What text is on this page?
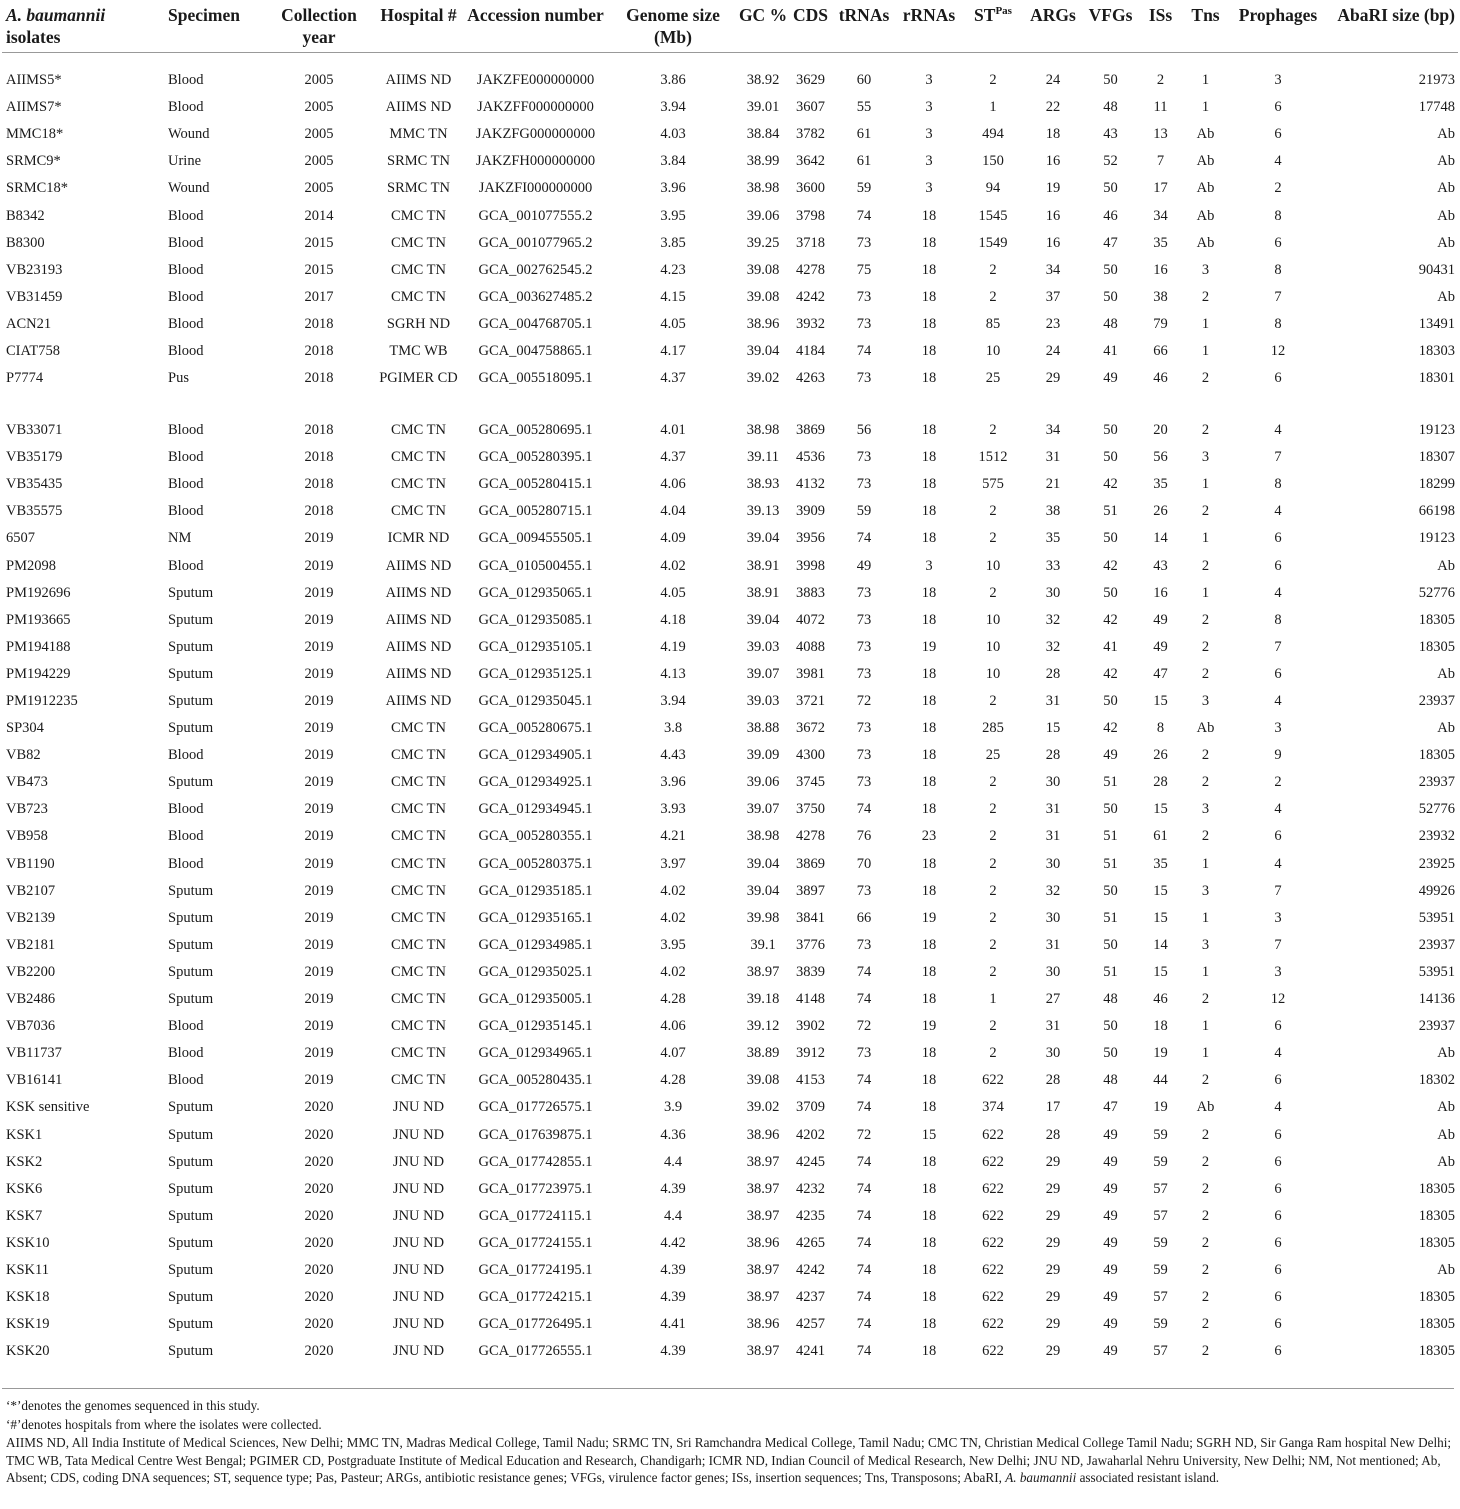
A. baumannii
isolates	Specimen	Collection year	Hospital #	Accession number	Genome size (Mb)	GC %	CDS	tRNAs	rRNAs	$ST^{Pas}$	ARGs	VFGs	ISs	Tns	Prophages	AbaRI size (bp)
AIIMS5*	Blood	2005	AIIMS ND	JAKZFE000000000	3.86	38.92	3629	60	3	2	24	50	2	1	3	21973
AIIMS7*	Blood	2005	AIIMS ND	JAKZFF000000000	3.94	39.01	3607	55	3	1	22	48	11	1	6	17748
MMC18*	Wound	2005	MMC TN	JAKZFG000000000	4.03	38.84	3782	61	3	494	18	43	13	Ab	6	Ab
SRMC9*	Urine	2005	SRMC TN	JAKZFH000000000	3.84	38.99	3642	61	3	150	16	52	7	Ab	4	Ab
SRMC18*	Wound	2005	SRMC TN	JAKZFI000000000	3.96	38.98	3600	59	3	94	19	50	17	Ab	2	Ab
B8342	Blood	2014	CMC TN	GCA_001077555.2	3.95	39.06	3798	74	18	1545	16	46	34	Ab	8	Ab
B8300	Blood	2015	CMC TN	GCA_001077965.2	3.85	39.25	3718	73	18	1549	16	47	35	Ab	6	Ab
VB23193	Blood	2015	CMC TN	GCA_002762545.2	4.23	39.08	4278	75	18	2	34	50	16	3	8	90431
VB31459	Blood	2017	CMC TN	GCA_003627485.2	4.15	39.08	4242	73	18	2	37	50	38	2	7	Ab
ACN21	Blood	2018	SGRH ND	GCA_004768705.1	4.05	38.96	3932	73	18	85	23	48	79	1	8	13491
CIAT758	Blood	2018	TMC WB	GCA_004758865.1	4.17	39.04	4184	74	18	10	24	41	66	1	12	18303
P7774	Pus	2018	PGIMER CD	GCA_005518095.1	4.37	39.02	4263	73	18	25	29	49	46	2	6	18301
VB33071	Blood	2018	CMC TN	GCA_005280695.1	4.01	38.98	3869	56	18	2	34	50	20	2	4	19123
VB35179	Blood	2018	CMC TN	GCA_005280395.1	4.37	39.11	4536	73	18	1512	31	50	56	3	7	18307
VB35435	Blood	2018	CMC TN	GCA_005280415.1	4.06	38.93	4132	73	18	575	21	42	35	1	8	18299
VB35575	Blood	2018	CMC TN	GCA_005280715.1	4.04	39.13	3909	59	18	2	38	51	26	2	4	66198
6507	NM	2019	ICMR ND	GCA_009455505.1	4.09	39.04	3956	74	18	2	35	50	14	1	6	19123
PM2098	Blood	2019	AIIMS ND	GCA_010500455.1	4.02	38.91	3998	49	3	10	33	42	43	2	6	Ab
PM192696	Sputum	2019	AIIMS ND	GCA_012935065.1	4.05	38.91	3883	73	18	2	30	50	16	1	4	52776
PM193665	Sputum	2019	AIIMS ND	GCA_012935085.1	4.18	39.04	4072	73	18	10	32	42	49	2	8	18305
PM194188	Sputum	2019	AIIMS ND	GCA_012935105.1	4.19	39.03	4088	73	19	10	32	41	49	2	7	18305
PM194229	Sputum	2019	AIIMS ND	GCA_012935125.1	4.13	39.07	3981	73	18	10	28	42	47	2	6	Ab
PM1912235	Sputum	2019	AIIMS ND	GCA_012935045.1	3.94	39.03	3721	72	18	2	31	50	15	3	4	23937
SP304	Sputum	2019	CMC TN	GCA_005280675.1	3.8	38.88	3672	73	18	285	15	42	8	Ab	3	Ab
VB82	Blood	2019	CMC TN	GCA_012934905.1	4.43	39.09	4300	73	18	25	28	49	26	2	9	18305
VB473	Sputum	2019	CMC TN	GCA_012934925.1	3.96	39.06	3745	73	18	2	30	51	28	2	2	23937
VB723	Blood	2019	CMC TN	GCA_012934945.1	3.93	39.07	3750	74	18	2	31	50	15	3	4	52776
VB958	Blood	2019	CMC TN	GCA_005280355.1	4.21	38.98	4278	76	23	2	31	51	61	2	6	23932
VB1190	Blood	2019	CMC TN	GCA_005280375.1	3.97	39.04	3869	70	18	2	30	51	35	1	4	23925
VB2107	Sputum	2019	CMC TN	GCA_012935185.1	4.02	39.04	3897	73	18	2	32	50	15	3	7	49926
VB2139	Sputum	2019	CMC TN	GCA_012935165.1	4.02	39.98	3841	66	19	2	30	51	15	1	3	53951
VB2181	Sputum	2019	CMC TN	GCA_012934985.1	3.95	39.1	3776	73	18	2	31	50	14	3	7	23937
VB2200	Sputum	2019	CMC TN	GCA_012935025.1	4.02	38.97	3839	74	18	2	30	51	15	1	3	53951
VB2486	Sputum	2019	CMC TN	GCA_012935005.1	4.28	39.18	4148	74	18	1	27	48	46	2	12	14136
VB7036	Blood	2019	CMC TN	GCA_012935145.1	4.06	39.12	3902	72	19	2	31	50	18	1	6	23937
VB11737	Blood	2019	CMC TN	GCA_012934965.1	4.07	38.89	3912	73	18	2	30	50	19	1	4	Ab
VB16141	Blood	2019	CMC TN	GCA_005280435.1	4.28	39.08	4153	74	18	622	28	48	44	2	6	18302
KSK sensitive	Sputum	2020	JNU ND	GCA_017726575.1	3.9	39.02	3709	74	18	374	17	47	19	Ab	4	Ab
KSK1	Sputum	2020	JNU ND	GCA_017639875.1	4.36	38.96	4202	72	15	622	28	49	59	2	6	Ab
KSK2	Sputum	2020	JNU ND	GCA_017742855.1	4.4	38.97	4245	74	18	622	29	49	59	2	6	Ab
KSK6	Sputum	2020	JNU ND	GCA_017723975.1	4.39	38.97	4232	74	18	622	29	49	57	2	6	18305
KSK7	Sputum	2020	JNU ND	GCA_017724115.1	4.4	38.97	4235	74	18	622	29	49	57	2	6	18305
KSK10	Sputum	2020	JNU ND	GCA_017724155.1	4.42	38.96	4265	74	18	622	29	49	59	2	6	18305
KSK11	Sputum	2020	JNU ND	GCA_017724195.1	4.39	38.97	4242	74	18	622	29	49	59	2	6	Ab
KSK18	Sputum	2020	JNU ND	GCA_017724215.1	4.39	38.97	4237	74	18	622	29	49	57	2	6	18305
KSK19	Sputum	2020	JNU ND	GCA_017726495.1	4.41	38.96	4257	74	18	622	29	49	59	2	6	18305
KSK20	Sputum	2020	JNU ND	GCA_017726555.1	4.39	38.97	4241	74	18	622	29	49	57	2	6	18305

‘*’denotes the genomes sequenced in this study.

‘#’denotes hospitals from where the isolates were collected.

AIIMS ND, All India Institute of Medical Sciences, New Delhi; MMC TN, Madras Medical College, Tamil Nadu; SRMC TN, Sri Ramchandra Medical College, Tamil Nadu; CMC TN, Christian Medical College Tamil Nadu; SGRH ND, Sir Ganga Ram hospital New Delhi; TMC WB, Tata Medical Centre West Bengal; PGIMER CD, Postgraduate Institute of Medical Education and Research, Chandigarh; ICMR ND, Indian Council of Medical Research, New Delhi; JNU ND, Jawaharlal Nehru University, New Delhi; NM, Not mentioned; Ab, Absent; CDS, coding DNA sequences; ST, sequence type; Pas, Pasteur; ARGs, antibiotic resistance genes; VFGs, virulence factor genes; ISs, insertion sequences; Tns, Transposons; AbaRI, A. baumannii associated resistant island.
